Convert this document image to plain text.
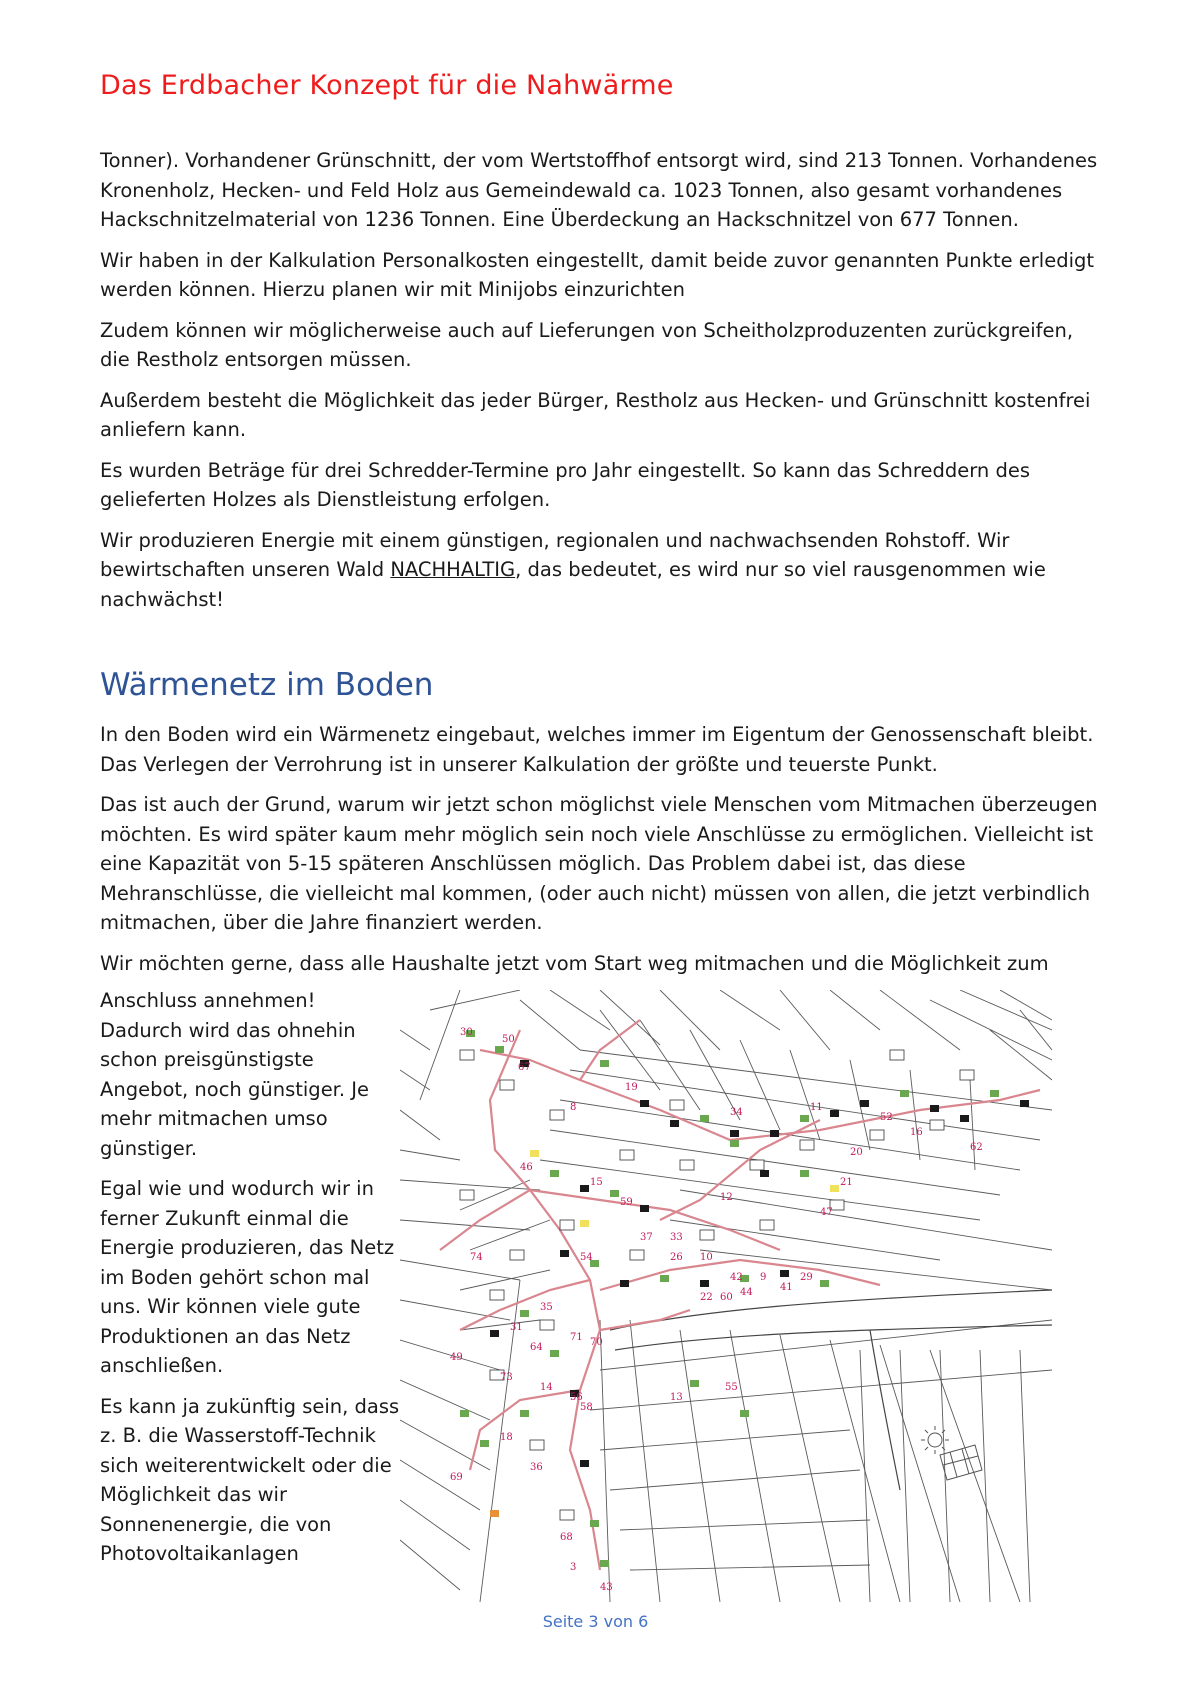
Das Erdbacher Konzept für die Nahwärme

Tonner). Vorhandener Grünschnitt, der vom Wertstoffhof entsorgt wird, sind 213 Tonnen. Vorhandenes Kronenholz, Hecken- und Feld Holz aus Gemeindewald ca. 1023 Tonnen, also gesamt vorhandenes Hackschnitzelmaterial von 1236 Tonnen. Eine Überdeckung an Hackschnitzel von 677 Tonnen.

Wir haben in der Kalkulation Personalkosten eingestellt, damit beide zuvor genannten Punkte erledigt werden können. Hierzu planen wir mit Minijobs einzurichten

Zudem können wir möglicherweise auch auf Lieferungen von Scheitholzproduzenten zurückgreifen, die Restholz entsorgen müssen.

Außerdem besteht die Möglichkeit das jeder Bürger, Restholz aus Hecken- und Grünschnitt kostenfrei anliefern kann.

Es wurden Beträge für drei Schredder-Termine pro Jahr eingestellt. So kann das Schreddern des gelieferten Holzes als Dienstleistung erfolgen.

Wir produzieren Energie mit einem günstigen, regionalen und nachwachsenden Rohstoff. Wir bewirtschaften unseren Wald NACHHALTIG, das bedeutet, es wird nur so viel rausgenommen wie nachwächst!

Wärmenetz im Boden

In den Boden wird ein Wärmenetz eingebaut, welches immer im Eigentum der Genossenschaft bleibt. Das Verlegen der Verrohrung ist in unserer Kalkulation der größte und teuerste Punkt.

Das ist auch der Grund, warum wir jetzt schon möglichst viele Menschen vom Mitmachen überzeugen möchten. Es wird später kaum mehr möglich sein noch viele Anschlüsse zu ermöglichen. Vielleicht ist eine Kapazität von 5-15 späteren Anschlüssen möglich. Das Problem dabei ist, das diese Mehranschlüsse, die vielleicht mal kommen, (oder auch nicht) müssen von allen, die jetzt verbindlich mitmachen, über die Jahre finanziert werden.

Wir möchten gerne, dass alle Haushalte jetzt vom Start weg mitmachen und die Möglichkeit zum

Anschluss annehmen! Dadurch wird das ohnehin schon preisgünstigste Angebot, noch günstiger. Je mehr mitmachen umso günstiger.

Egal wie und wodurch wir in ferner Zukunft einmal die Energie produzieren, das Netz im Boden gehört schon mal uns. Wir können viele gute Produktionen an das Netz anschließen.

Es kann ja zukünftig sein, dass z. B. die Wasserstoff-Technik sich weiterentwickelt oder die Möglichkeit das wir Sonnenenergie, die von Photovoltaikanlagen

50
30
67
19
8	34	11
52
16
20	62
21
12
47
46
15
59
37 33
26 10
74	54
42 9	29
22 60 44	41
35
31
64
71 70
49
73
14
56
58
13
55
18
36
69
68
3
43
Seite 3 von 6
